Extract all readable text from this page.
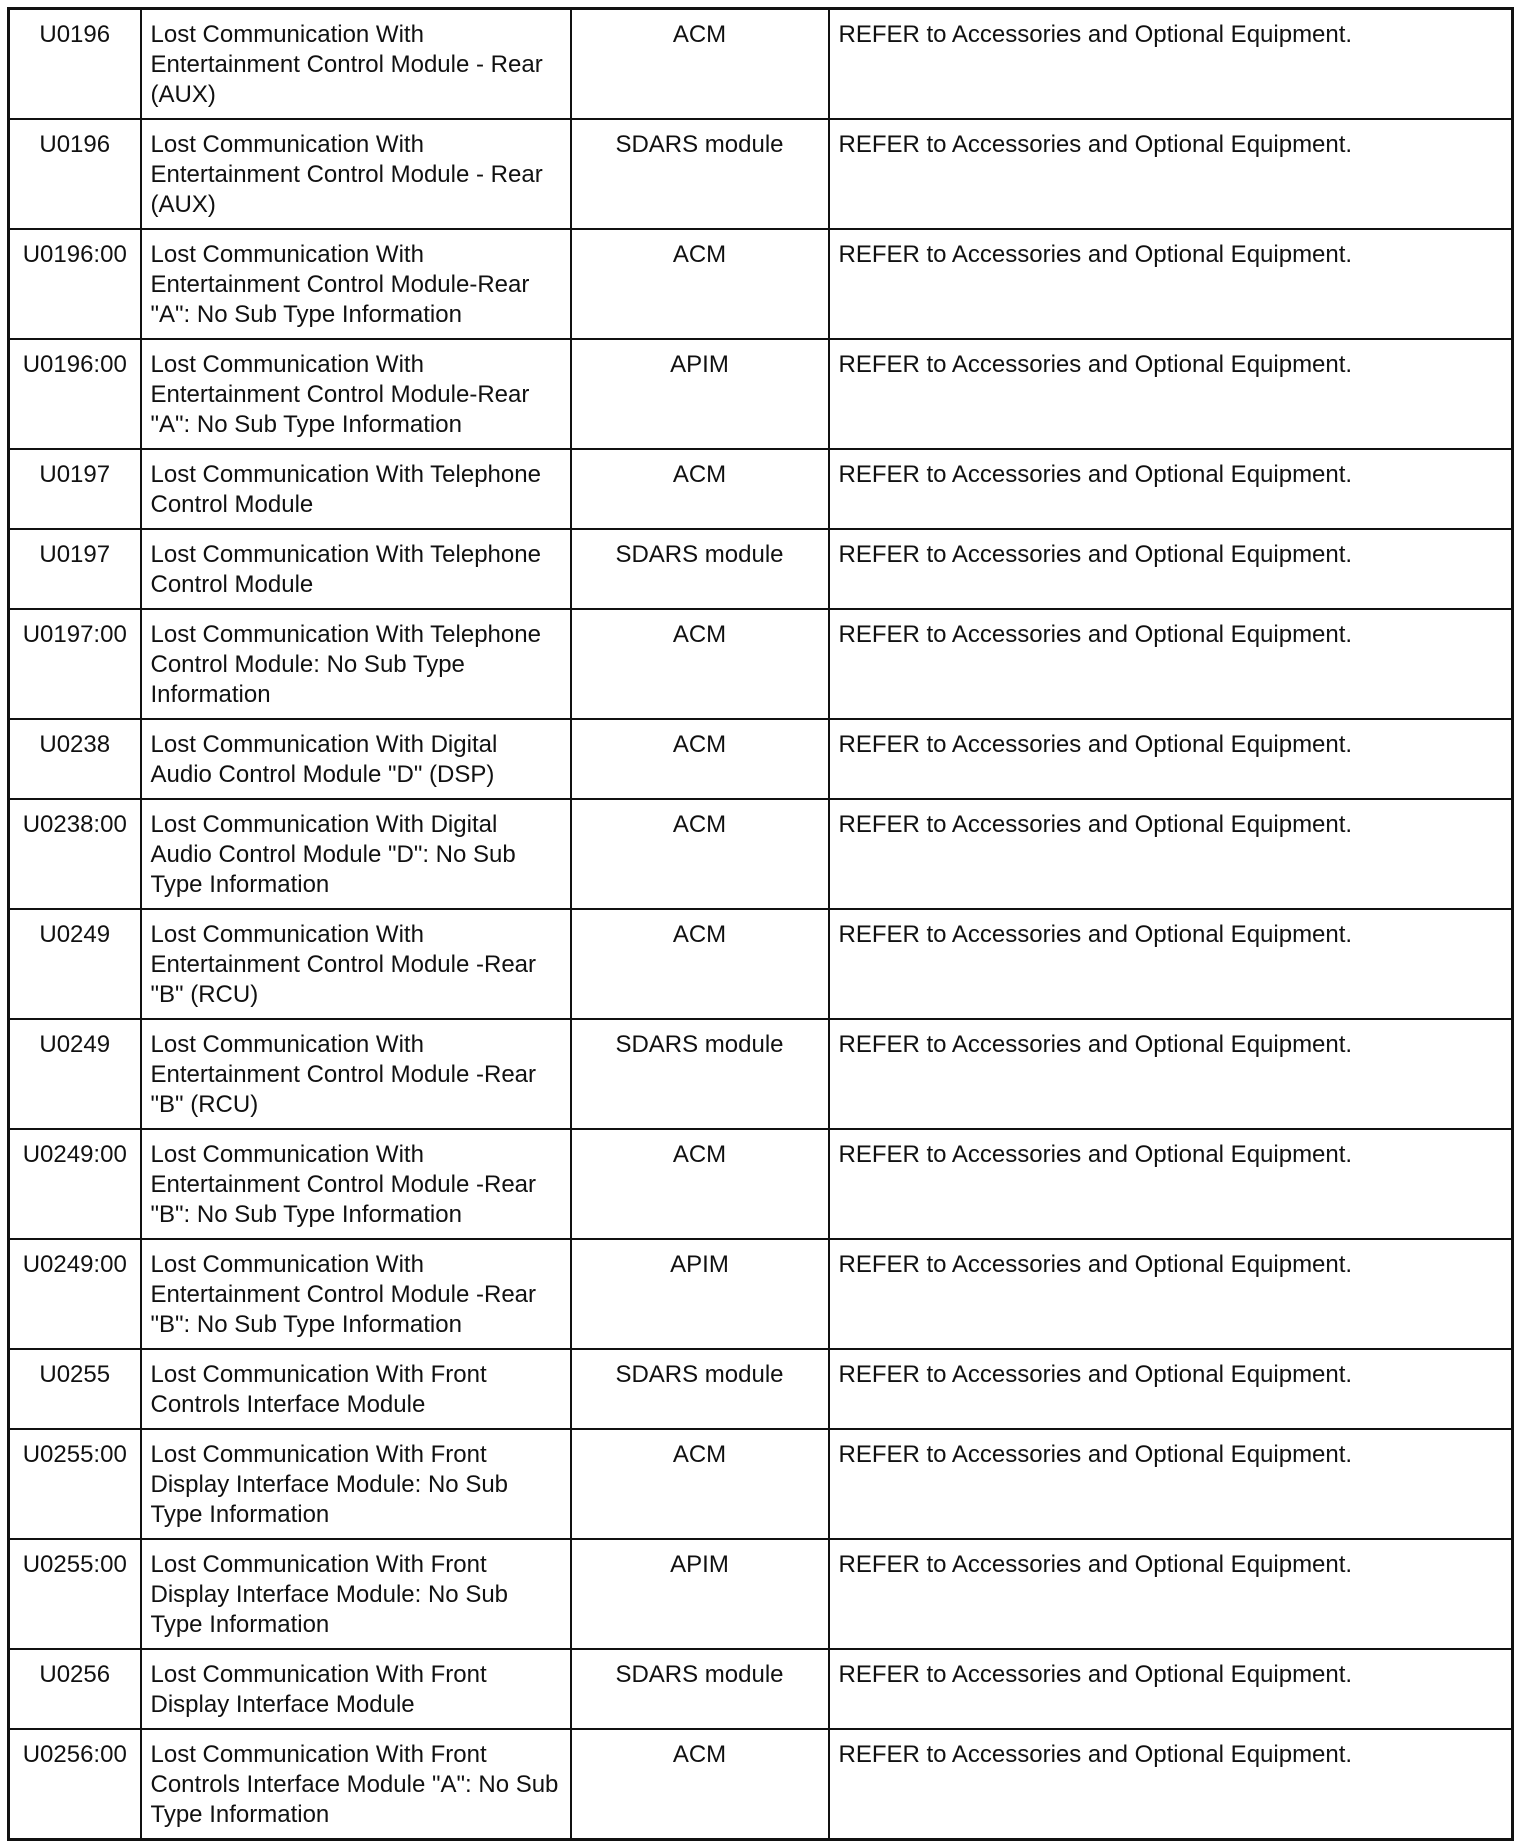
U0196	Lost Communication With Entertainment Control Module - Rear (AUX)	ACM	REFER to Accessories and Optional Equipment.
U0196	Lost Communication With Entertainment Control Module - Rear (AUX)	SDARS module	REFER to Accessories and Optional Equipment.
U0196:00	Lost Communication With Entertainment Control Module-Rear "A": No Sub Type Information	ACM	REFER to Accessories and Optional Equipment.
U0196:00	Lost Communication With Entertainment Control Module-Rear "A": No Sub Type Information	APIM	REFER to Accessories and Optional Equipment.
U0197	Lost Communication With Telephone Control Module	ACM	REFER to Accessories and Optional Equipment.
U0197	Lost Communication With Telephone Control Module	SDARS module	REFER to Accessories and Optional Equipment.
U0197:00	Lost Communication With Telephone Control Module: No Sub Type Information	ACM	REFER to Accessories and Optional Equipment.
U0238	Lost Communication With Digital Audio Control Module "D" (DSP)	ACM	REFER to Accessories and Optional Equipment.
U0238:00	Lost Communication With Digital Audio Control Module "D": No Sub Type Information	ACM	REFER to Accessories and Optional Equipment.
U0249	Lost Communication With Entertainment Control Module -Rear "B" (RCU)	ACM	REFER to Accessories and Optional Equipment.
U0249	Lost Communication With Entertainment Control Module -Rear "B" (RCU)	SDARS module	REFER to Accessories and Optional Equipment.
U0249:00	Lost Communication With Entertainment Control Module -Rear "B": No Sub Type Information	ACM	REFER to Accessories and Optional Equipment.
U0249:00	Lost Communication With Entertainment Control Module -Rear "B": No Sub Type Information	APIM	REFER to Accessories and Optional Equipment.
U0255	Lost Communication With Front Controls Interface Module	SDARS module	REFER to Accessories and Optional Equipment.
U0255:00	Lost Communication With Front Display Interface Module: No Sub Type Information	ACM	REFER to Accessories and Optional Equipment.
U0255:00	Lost Communication With Front Display Interface Module: No Sub Type Information	APIM	REFER to Accessories and Optional Equipment.
U0256	Lost Communication With Front Display Interface Module	SDARS module	REFER to Accessories and Optional Equipment.
U0256:00	Lost Communication With Front Controls Interface Module "A": No Sub Type Information	ACM	REFER to Accessories and Optional Equipment.
